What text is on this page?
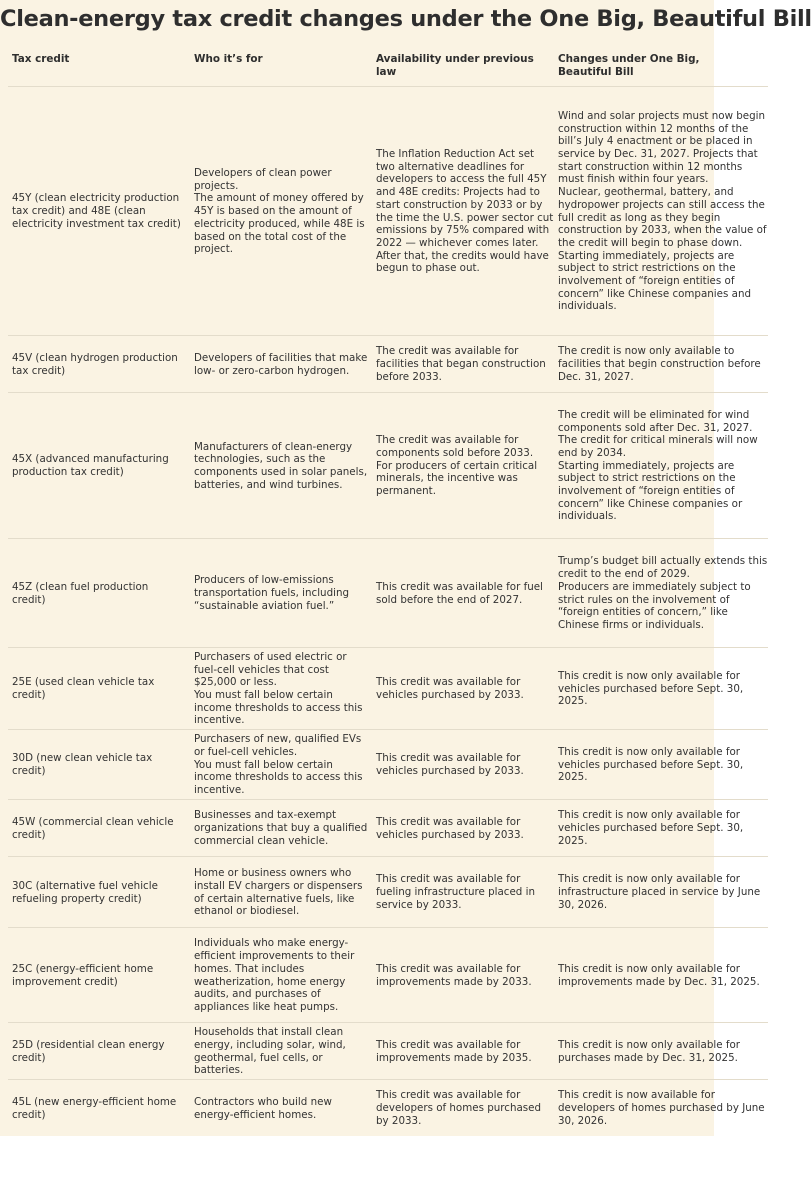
Clean-energy tax credit changes under the One Big, Beautiful Bill
Tax credit	Who it’s for	Availability under previous law
Changes under One Big, Beautiful Bill
45Y (clean electricity production tax credit) and 48E (clean electricity investment tax credit)
Developers of clean power projects.
The amount of money offered by 45Y is based on the amount of electricity produced, while 48E is based on the total cost of the project.
The Inflation Reduction Act set two alternative deadlines for developers to access the full 45Y and 48E credits: Projects had to start construction by 2033 or by the time the U.S. power sector cut emissions by 75% compared with 2022 — whichever comes later. After that, the credits would have begun to phase out.
Wind and solar projects must now begin construction within 12 months of the bill’s July 4 enactment or be placed in service by Dec. 31, 2027. Projects that start construction within 12 months must finish within four years.
Nuclear, geothermal, battery, and hydropower projects can still access the full credit as long as they begin construction by 2033, when the value of the credit will begin to phase down.
Starting immediately, projects are subject to strict restrictions on the involvement of “foreign entities of concern” like Chinese companies and individuals.
45V (clean hydrogen production tax credit)
Developers of facilities that make low- or zero-carbon hydrogen.
The credit was available for facilities that began construction before 2033.
The credit is now only available to facilities that begin construction before Dec. 31, 2027.
45X (advanced manufacturing production tax credit)
Manufacturers of clean-energy technologies, such as the components used in solar panels, batteries, and wind turbines.
The credit was available for components sold before 2033.
For producers of certain critical minerals, the incentive was permanent.
The credit will be eliminated for wind components sold after Dec. 31, 2027.
The credit for critical minerals will now end by 2034.
Starting immediately, projects are subject to strict restrictions on the involvement of “foreign entities of concern” like Chinese companies or individuals.
45Z (clean fuel production credit)
Producers of low-emissions transportation fuels, including “sustainable aviation fuel.”
This credit was available for fuel sold before the end of 2027.
Trump’s budget bill actually extends this credit to the end of 2029.
Producers are immediately subject to strict rules on the involvement of “foreign entities of concern,” like Chinese firms or individuals.
25E (used clean vehicle tax credit)
Purchasers of used electric or fuel-cell vehicles that cost $25,000 or less.
You must fall below certain income thresholds to access this incentive.
This credit was available for vehicles purchased by 2033.
This credit is now only available for vehicles purchased before Sept. 30, 2025.
30D (new clean vehicle tax credit)
Purchasers of new, qualified EVs or fuel-cell vehicles.
You must fall below certain income thresholds to access this incentive.
This credit was available for vehicles purchased by 2033.
This credit is now only available for vehicles purchased before Sept. 30, 2025.
45W (commercial clean vehicle credit)
Businesses and tax-exempt organizations that buy a qualified commercial clean vehicle.
This credit was available for vehicles purchased by 2033.
This credit is now only available for vehicles purchased before Sept. 30, 2025.
30C (alternative fuel vehicle refueling property credit)
Home or business owners who install EV chargers or dispensers of certain alternative fuels, like ethanol or biodiesel.
This credit was available for fueling infrastructure placed in service by 2033.
This credit is now only available for infrastructure placed in service by June 30, 2026.
25C (energy-efficient home improvement credit)
Individuals who make energy-efficient improvements to their homes. That includes weatherization, home energy audits, and purchases of appliances like heat pumps.
This credit was available for improvements made by 2033.
This credit is now only available for improvements made by Dec. 31, 2025.
25D (residential clean energy credit)
Households that install clean energy, including solar, wind, geothermal, fuel cells, or batteries.
This credit was available for improvements made by 2035.
This credit is now only available for purchases made by Dec. 31, 2025.
45L (new energy-efficient home credit)
Contractors who build new energy-efficient homes.
This credit was available for developers of homes purchased by 2033.
This credit is now available for developers of homes purchased by June 30, 2026.
